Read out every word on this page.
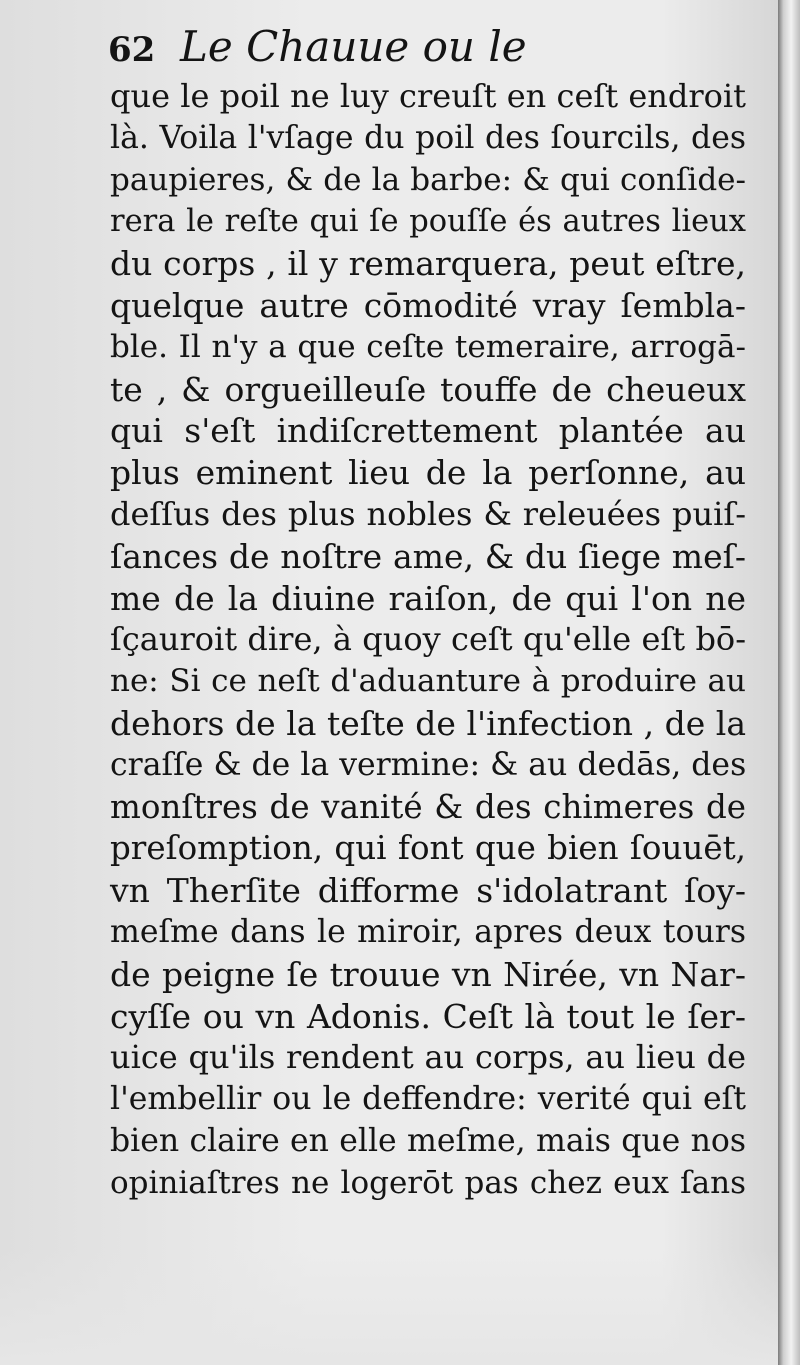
62 Le Chauue ou le
que le poil ne luy creuſt en ceſt endroit
là. Voila l'vſage du poil des ſourcils, des
paupieres, & de la barbe: & qui conſide-
rera le reſte qui ſe pouſſe és autres lieux
du corps , il y remarquera, peut eſtre,
quelque autre cōmodité vray ſembla-
ble. Il n'y a que ceſte temeraire, arrogā-
te , & orgueilleuſe touffe de cheueux
qui s'eſt indiſcrettement plantée au
plus eminent lieu de la perſonne, au
deſſus des plus nobles & releuées puiſ-
ſances de noſtre ame, & du ſiege meſ-
me de la diuine raiſon, de qui l'on ne
ſçauroit dire, à quoy ceſt qu'elle eſt bō-
ne: Si ce neſt d'aduanture à produire au
dehors de la teſte de l'infection , de la
craſſe & de la vermine: & au dedās, des
monſtres de vanité & des chimeres de
preſomption, qui font que bien ſouuēt,
vn Therſite difforme s'idolatrant ſoy-
meſme dans le miroir, apres deux tours
de peigne ſe trouue vn Nirée, vn Nar-
cyſſe ou vn Adonis. Ceſt là tout le ſer-
uice qu'ils rendent au corps, au lieu de
l'embellir ou le deffendre: verité qui eſt
bien claire en elle meſme, mais que nos
opiniaſtres ne logerōt pas chez eux ſans
